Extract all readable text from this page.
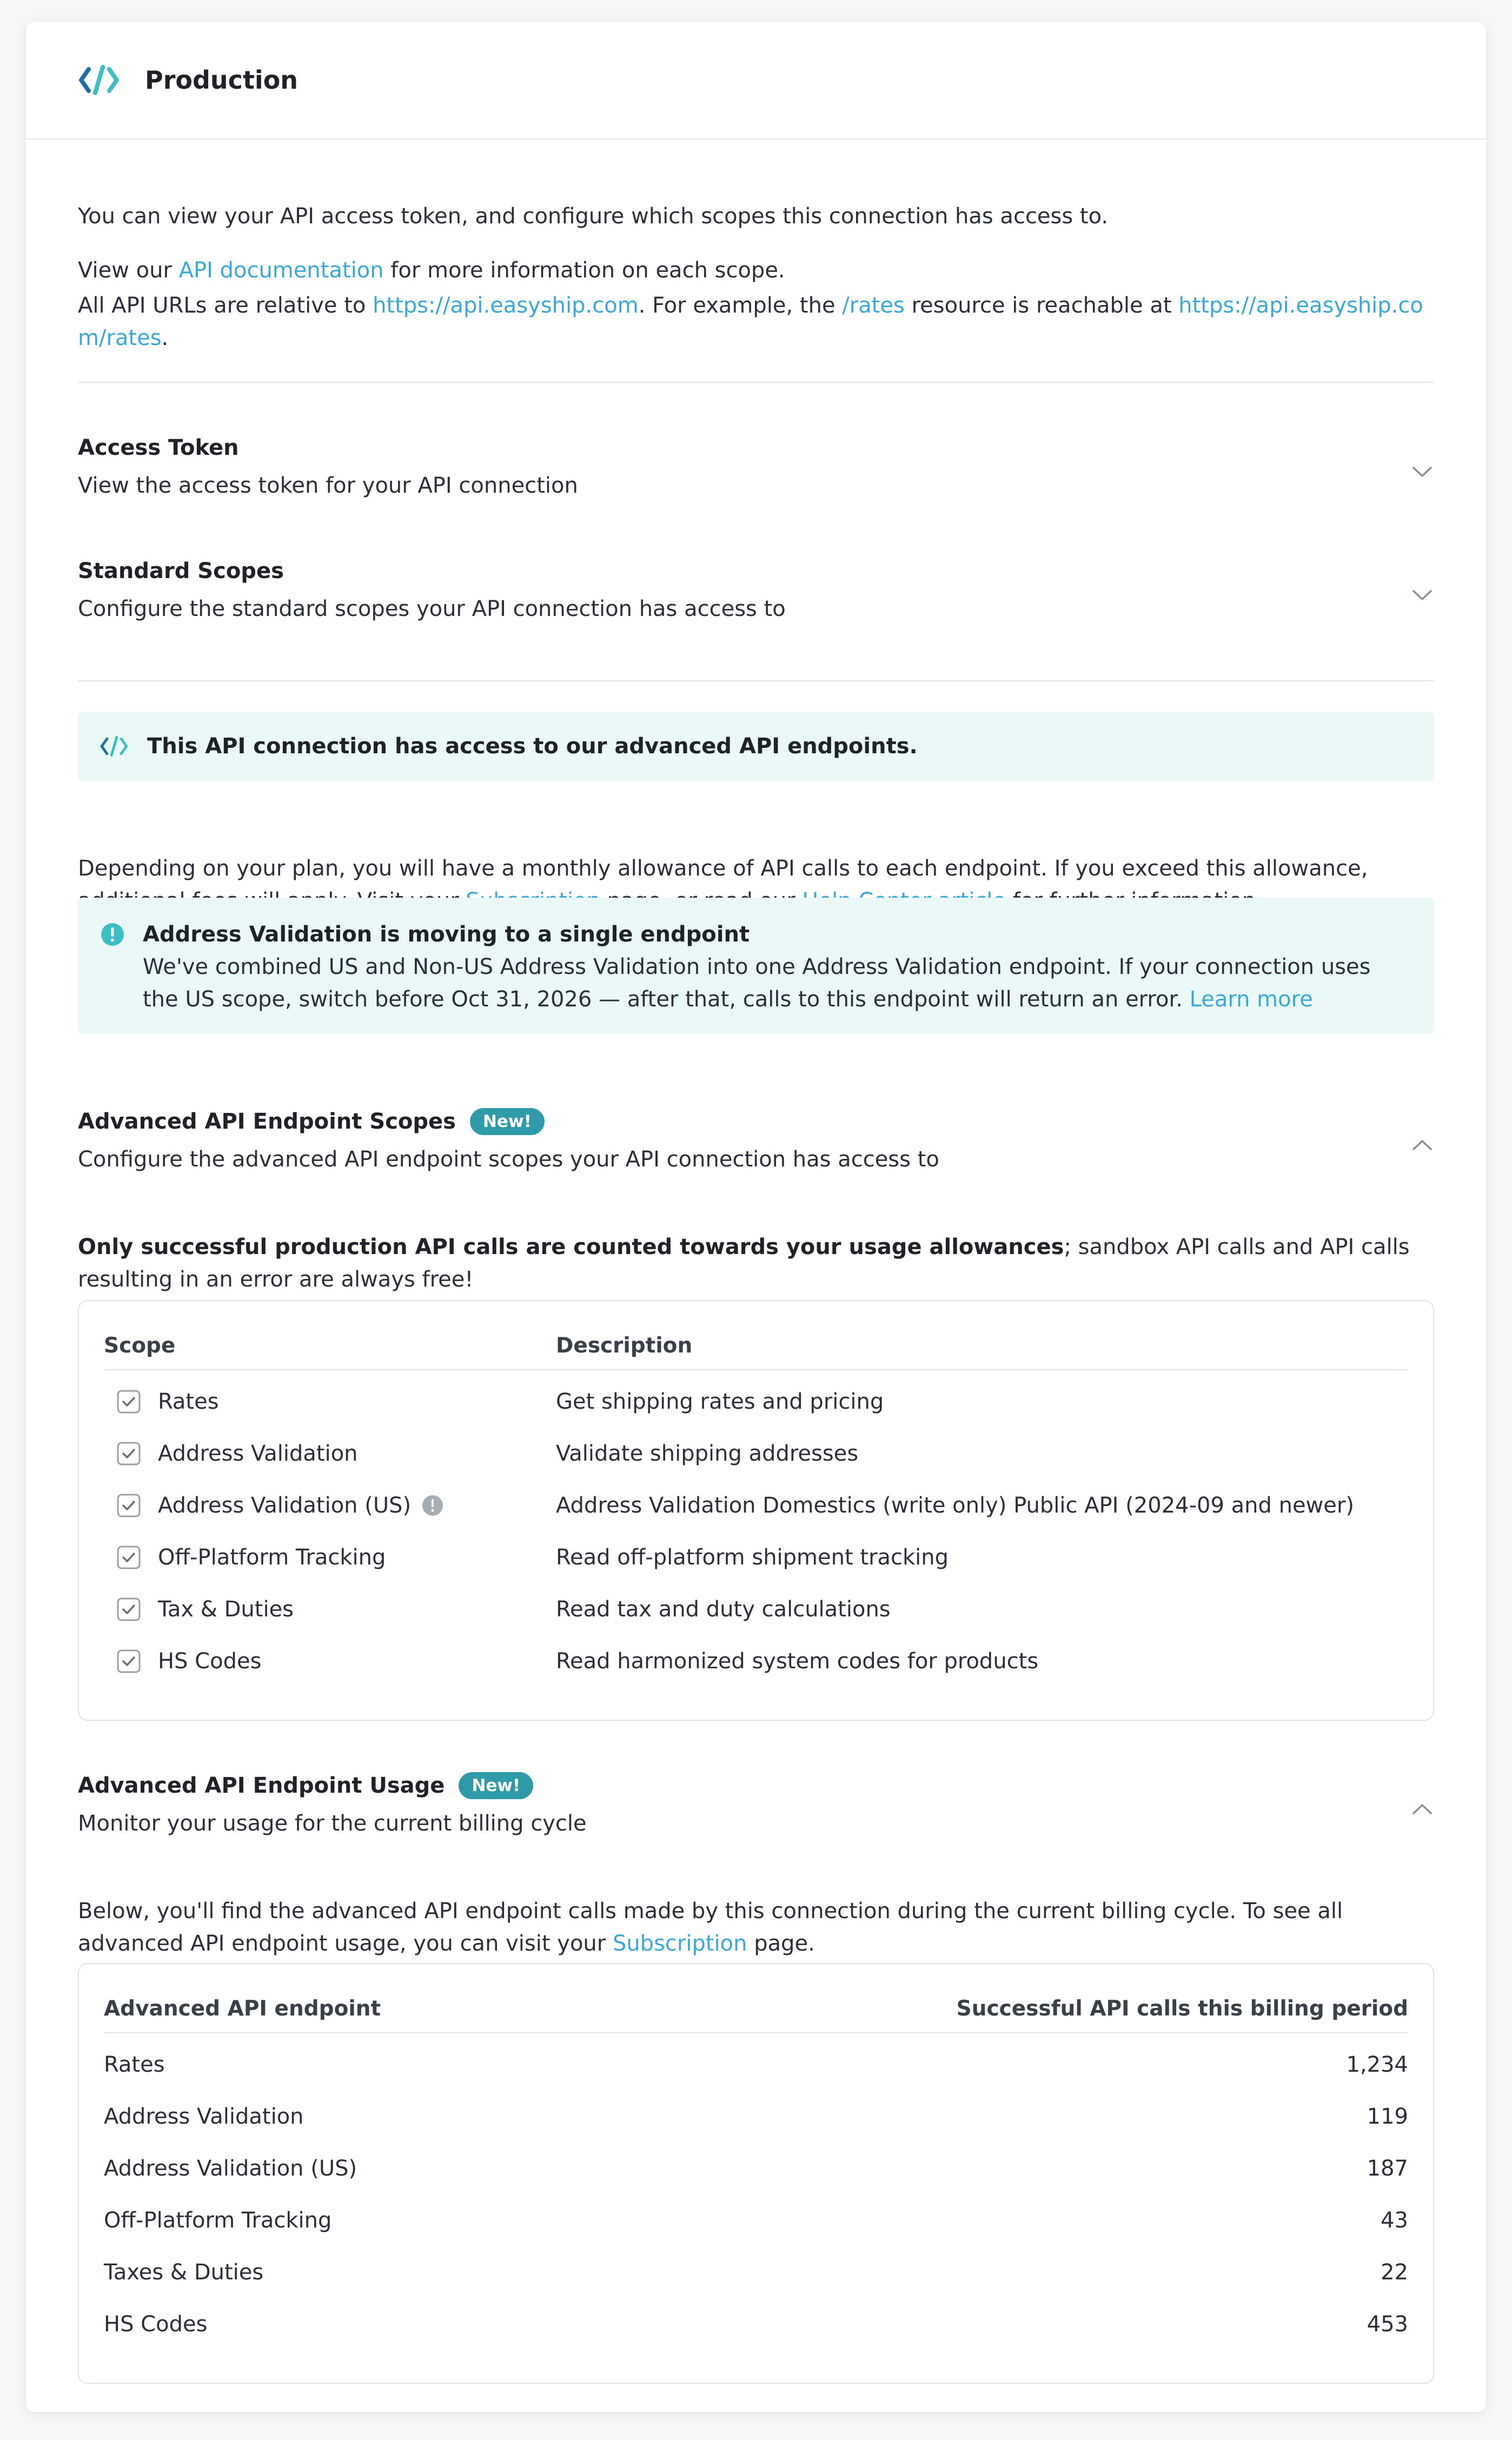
Production

You can view your API access token, and configure which scopes this connection has access to.

View our API documentation for more information on each scope.

All API URLs are relative to https://api.easyship.com. For example, the /rates resource is reachable at https://api.easyship.com/rates.

Access Token
View the access token for your API connection
Standard Scopes
Configure the standard scopes your API connection has access to
This API connection has access to our advanced API endpoints.

Depending on your plan, you will have a monthly allowance of API calls to each endpoint. If you exceed this allowance,

Address Validation is moving to a single endpoint
We've combined US and Non-US Address Validation into one Address Validation endpoint. If your connection uses the US scope, switch before Oct 31, 2026 — after that, calls to this endpoint will return an error. Learn more
Advanced API Endpoint Scopes	New!
Configure the advanced API endpoint scopes your API connection has access to

Only successful production API calls are counted towards your usage allowances; sandbox API calls and API calls resulting in an error are always free!

Scope	Description
Rates	Get shipping rates and pricing
Address Validation	Validate shipping addresses
Address Validation (US)	Address Validation Domestics (write only) Public API (2024-09 and newer)
Off-Platform Tracking	Read off-platform shipment tracking
Tax & Duties	Read tax and duty calculations
HS Codes	Read harmonized system codes for products
Advanced API Endpoint Usage	New!
Monitor your usage for the current billing cycle

Below, you'll find the advanced API endpoint calls made by this connection during the current billing cycle. To see all advanced API endpoint usage, you can visit your Subscription page.

Advanced API endpoint	Successful API calls this billing period
Rates	1,234
Address Validation	119
Address Validation (US)	187
Off-Platform Tracking	43
Taxes & Duties	22
HS Codes	453
